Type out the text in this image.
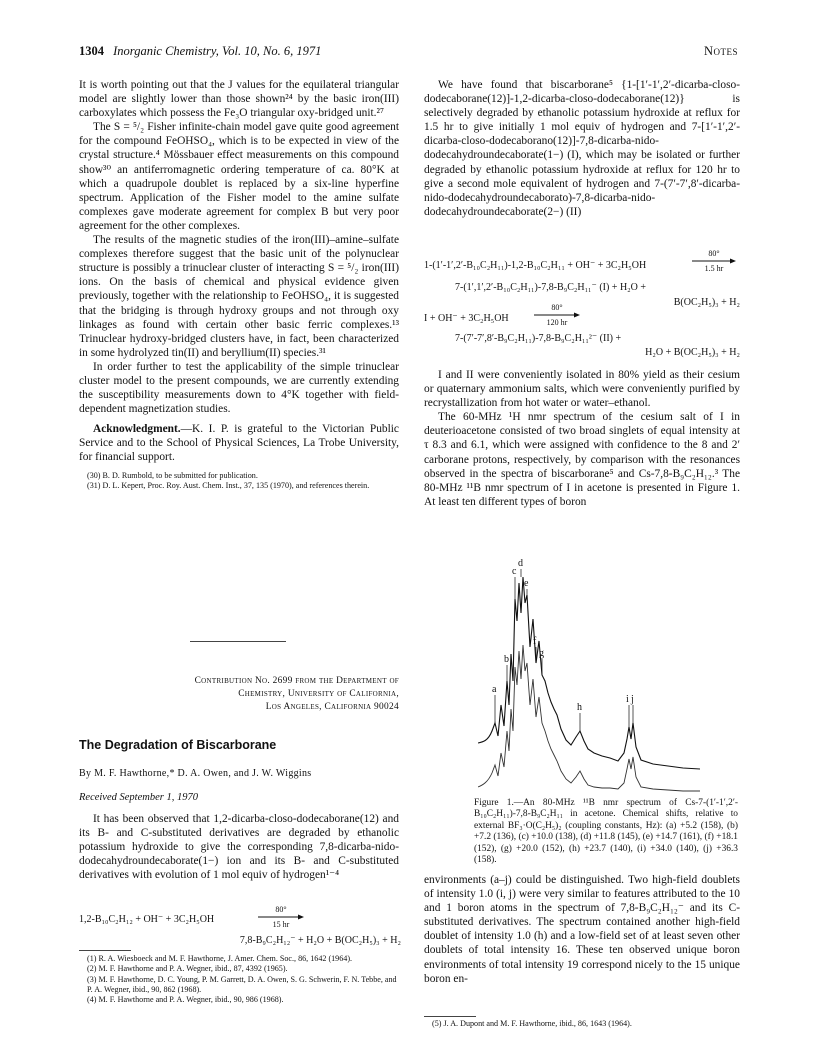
1304 Inorganic Chemistry, Vol. 10, No. 6, 1971	Notes

It is worth pointing out that the J values for the equilateral triangular model are slightly lower than those shown²⁴ by the basic iron(III) carboxylates which possess the Fe₃O triangular oxy-bridged unit.²⁷

The S = ⁵/₂ Fisher infinite-chain model gave quite good agreement for the compound FeOHSO₄, which is to be expected in view of the crystal structure.⁴ Mössbauer effect measurements on this compound show³⁰ an antiferromagnetic ordering temperature of ca. 80°K at which a quadrupole doublet is replaced by a six-line hyperfine spectrum. Application of the Fisher model to the amine sulfate complexes gave moderate agreement for complex B but very poor agreement for the other complexes.

The results of the magnetic studies of the iron(III)–amine–sulfate complexes therefore suggest that the basic unit of the polynuclear structure is possibly a trinuclear cluster of interacting S = ⁵/₂ iron(III) ions. On the basis of chemical and physical evidence given previously, together with the relationship to FeOHSO₄, it is suggested that the bridging is through hydroxy groups and not through oxy linkages as found with certain other basic ferric complexes.¹³ Trinuclear hydroxy-bridged clusters have, in fact, been characterized in some hydrolyzed tin(II) and beryllium(II) species.³¹

In order further to test the applicability of the simple trinuclear cluster model to the present compounds, we are currently extending the susceptibility measurements down to 4°K together with field-dependent magnetization studies.

Acknowledgment.—K. I. P. is grateful to the Victorian Public Service and to the School of Physical Sciences, La Trobe University, for financial support.

(30) B. D. Rumbold, to be submitted for publication.

(31) D. L. Kepert, Proc. Roy. Aust. Chem. Inst., 37, 135 (1970), and references therein.

Contribution No. 2699 from the Department of
Chemistry, University of California,
Los Angeles, California 90024
The Degradation of Biscarborane
By M. F. Hawthorne,* D. A. Owen, and J. W. Wiggins
Received September 1, 1970

It has been observed that 1,2-dicarba-closo-dodecaborane(12) and its B- and C-substituted derivatives are degraded by ethanolic potassium hydroxide to give the corresponding 7,8-dicarba-nido-dodecahydroundecaborate(1−) ion and its B- and C-substituted derivatives with evolution of 1 mol equiv of hydrogen¹⁻⁴

1,2-B₁₀C₂H₁₂ + OH⁻ + 3C₂H₅OH
80°
15 hr
7,8-B₉C₂H₁₂⁻ + H₂O + B(OC₂H₅)₃ + H₂

(1) R. A. Wiesboeck and M. F. Hawthorne, J. Amer. Chem. Soc., 86, 1642 (1964).

(2) M. F. Hawthorne and P. A. Wegner, ibid., 87, 4392 (1965).

(3) M. F. Hawthorne, D. C. Young, P. M. Garrett, D. A. Owen, S. G. Schwerin, F. N. Tebbe, and P. A. Wegner, ibid., 90, 862 (1968).

(4) M. F. Hawthorne and P. A. Wegner, ibid., 90, 986 (1968).

We have found that biscarborane⁵ {1-[1′-1′,2′-dicarba-closo-dodecaborane(12)]-1,2-dicarba-closo-dodecaborane(12)} is selectively degraded by ethanolic potassium hydroxide at reflux for 1.5 hr to give initially 1 mol equiv of hydrogen and 7-[1′-1′,2′-dicarba-closo-dodecaborano(12)]-7,8-dicarba-nido-dodecahydroundecaborate(1−) (I), which may be isolated or further degraded by ethanolic potassium hydroxide at reflux for 120 hr to give a second mole equivalent of hydrogen and 7-(7′-7′,8′-dicarba-nido-dodecahydroundecaborato)-7,8-dicarba-nido-dodecahydroundecaborate(2−) (II)

1-(1′-1′,2′-B₁₀C₂H₁₁)-1,2-B₁₀C₂H₁₁ + OH⁻ + 3C₂H₅OH
80°
1.5 hr
7-(1′,1′,2′-B₁₀C₂H₁₁)-7,8-B₉C₂H₁₁⁻ (I) + H₂O +
B(OC₂H₅)₃ + H₂
I + OH⁻ + 3C₂H₅OH
80°
120 hr
7-(7′-7′,8′-B₉C₂H₁₁)-7,8-B₉C₂H₁₁²⁻ (II) +
H₂O + B(OC₂H₅)₃ + H₂

I and II were conveniently isolated in 80% yield as their cesium or quaternary ammonium salts, which were conveniently purified by recrystallization from hot water or water–ethanol.

The 60-MHz ¹H nmr spectrum of the cesium salt of I in deuterioacetone consisted of two broad singlets of equal intensity at τ 8.3 and 6.1, which were assigned with confidence to the 8 and 2′ carborane protons, respectively, by comparison with the resonances observed in the spectra of biscarborane⁵ and Cs-7,8-B₉C₂H₁₂.³ The 80-MHz ¹¹B nmr spectrum of I in acetone is presented in Figure 1. At least ten different types of boron

a
b
c
d
e
f
g
h
i j
Figure 1.—An 80-MHz ¹¹B nmr spectrum of Cs-7-(1′-1′,2′-B₁₀C₂H₁₁)-7,8-B₉C₂H₁₁ in acetone. Chemical shifts, relative to external BF₃·O(C₂H₅)₂ (coupling constants, Hz): (a) +5.2 (158), (b) +7.2 (136), (c) +10.0 (138), (d) +11.8 (145), (e) +14.7 (161), (f) +18.1 (152), (g) +20.0 (152), (h) +23.7 (140), (i) +34.0 (140), (j) +36.3 (158).

environments (a–j) could be distinguished. Two high-field doublets of intensity 1.0 (i, j) were very similar to features attributed to the 10 and 1 boron atoms in the spectrum of 7,8-B₉C₂H₁₂⁻ and its C-substituted derivatives. The spectrum contained another high-field doublet of intensity 1.0 (h) and a low-field set of at least seven other doublets of total intensity 16. These ten observed unique boron environments of total intensity 19 correspond nicely to the 15 unique boron en-

(5) J. A. Dupont and M. F. Hawthorne, ibid., 86, 1643 (1964).
